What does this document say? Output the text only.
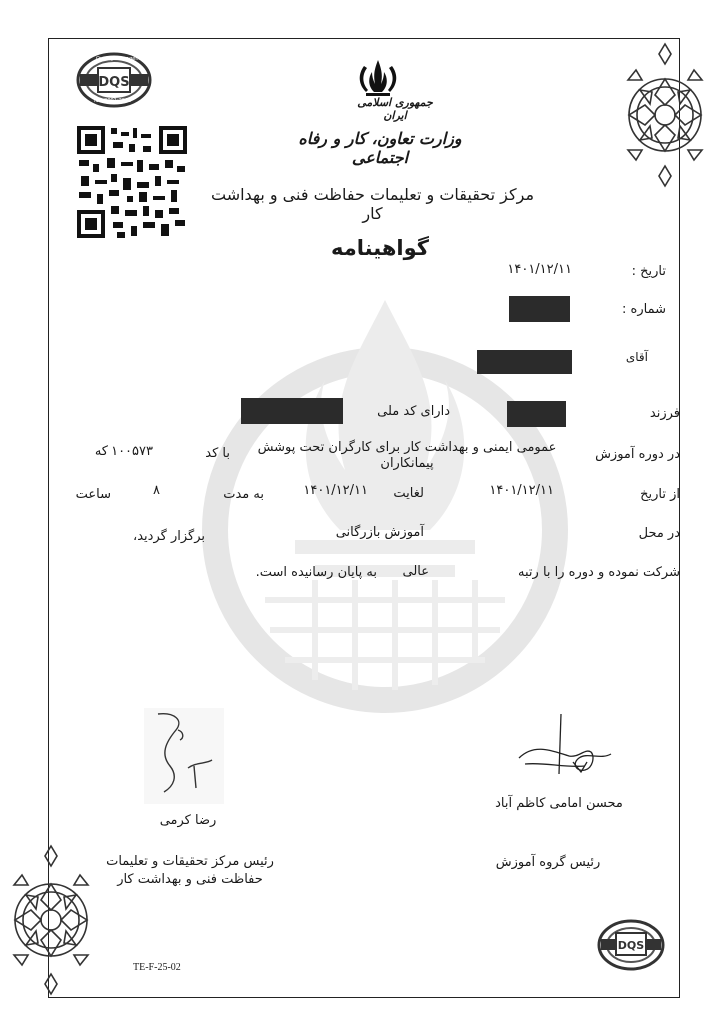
DQS
Quality Management
ISO 9001:2008	جمهوری اسلامی ایران
وزارت تعاون، کار و رفاه اجتماعی
مرکز تحقیقات و تعلیمات حفاظت فنی و بهداشت کار
گواهینامه
DQS
تاریخ :
۱۴۰۱/۱۲/۱۱
شماره :
آقای
فرزند
دارای کد ملی
در دوره آموزش
عمومی ایمنی و بهداشت کار برای کارگران تحت پوشش
پیمانکاران
با کد
۱۰۰۵۷۳
که
از تاریخ
۱۴۰۱/۱۲/۱۱
لغایت
۱۴۰۱/۱۲/۱۱
به مدت
۸
ساعت
در محل
آموزش بازرگانی
برگزار گردید،
شرکت نموده و دوره را با رتبه
عالی
به پایان رسانیده است.
محسن امامی کاظم آباد
رئیس گروه آموزش
رضا کرمی
رئیس مرکز تحقیقات و تعلیمات
حفاظت فنی و بهداشت کار
TE-F-25-02
